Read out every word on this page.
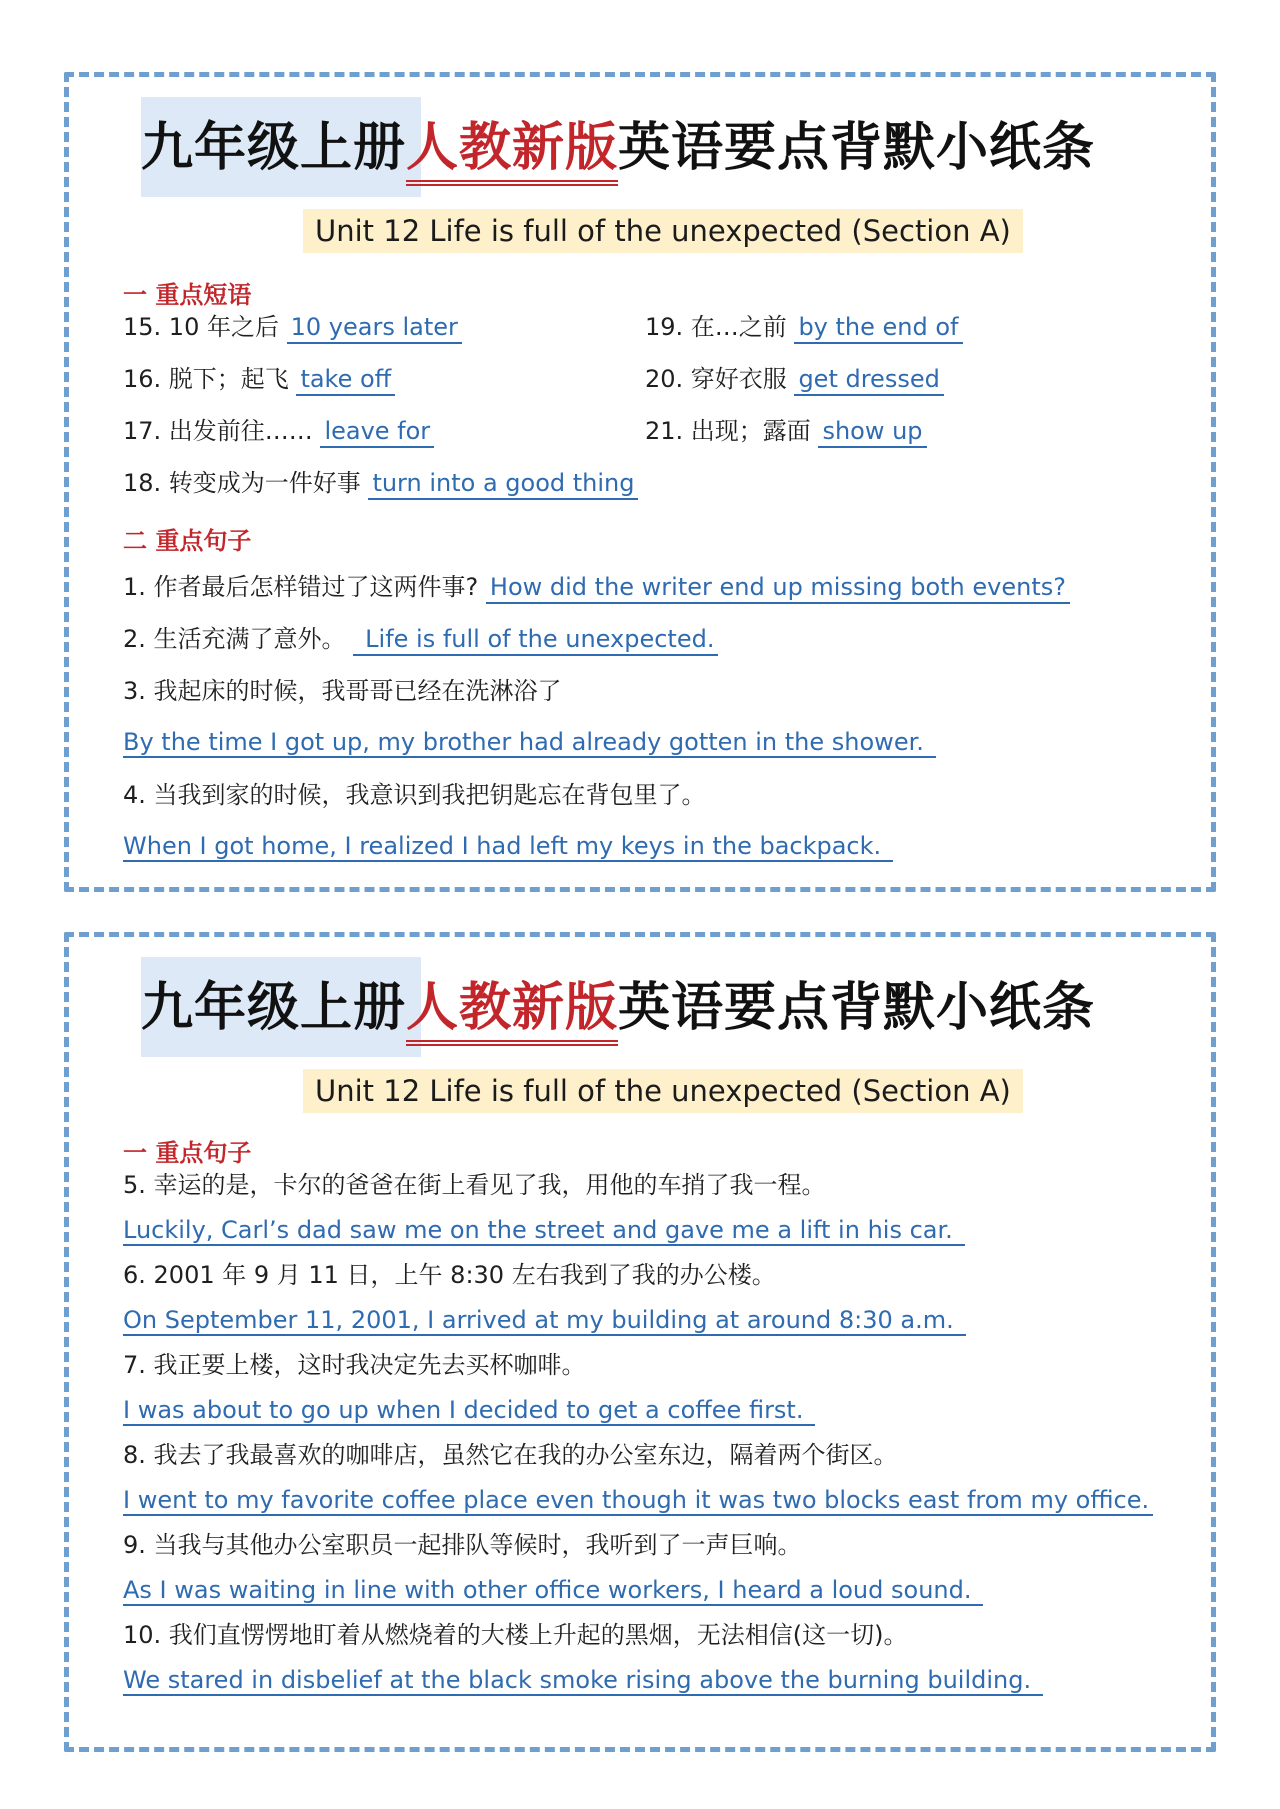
九年级上册人教新版英语要点背默小纸条
Unit 12 Life is full of the unexpected (Section A)
一 重点短语
15. 10 年之后 10 years later
16. 脱下；起飞 take off
17. 出发前往…… leave for
18. 转变成为一件好事 turn into a good thing
19. 在…之前 by the end of
20. 穿好衣服 get dressed
21. 出现；露面 show up
二 重点句子
1. 作者最后怎样错过了这两件事? How did the writer end up missing both events?
2. 生活充满了意外。 Life is full of the unexpected.
3. 我起床的时候，我哥哥已经在洗淋浴了
By the time I got up, my brother had already gotten in the shower.
4. 当我到家的时候，我意识到我把钥匙忘在背包里了。
When I got home, I realized I had left my keys in the backpack.
九年级上册人教新版英语要点背默小纸条
Unit 12 Life is full of the unexpected (Section A)
一 重点句子
5. 幸运的是，卡尔的爸爸在街上看见了我，用他的车捎了我一程。
Luckily, Carl’s dad saw me on the street and gave me a lift in his car.
6. 2001 年 9 月 11 日，上午 8:30 左右我到了我的办公楼。
On September 11, 2001, I arrived at my building at around 8:30 a.m.
7. 我正要上楼，这时我决定先去买杯咖啡。
I was about to go up when I decided to get a coffee first.
8. 我去了我最喜欢的咖啡店，虽然它在我的办公室东边，隔着两个街区。
I went to my favorite coffee place even though it was two blocks east from my office.
9. 当我与其他办公室职员一起排队等候时，我听到了一声巨响。
As I was waiting in line with other office workers, I heard a loud sound.
10. 我们直愣愣地盯着从燃烧着的大楼上升起的黑烟，无法相信(这一切)。
We stared in disbelief at the black smoke rising above the burning building.
